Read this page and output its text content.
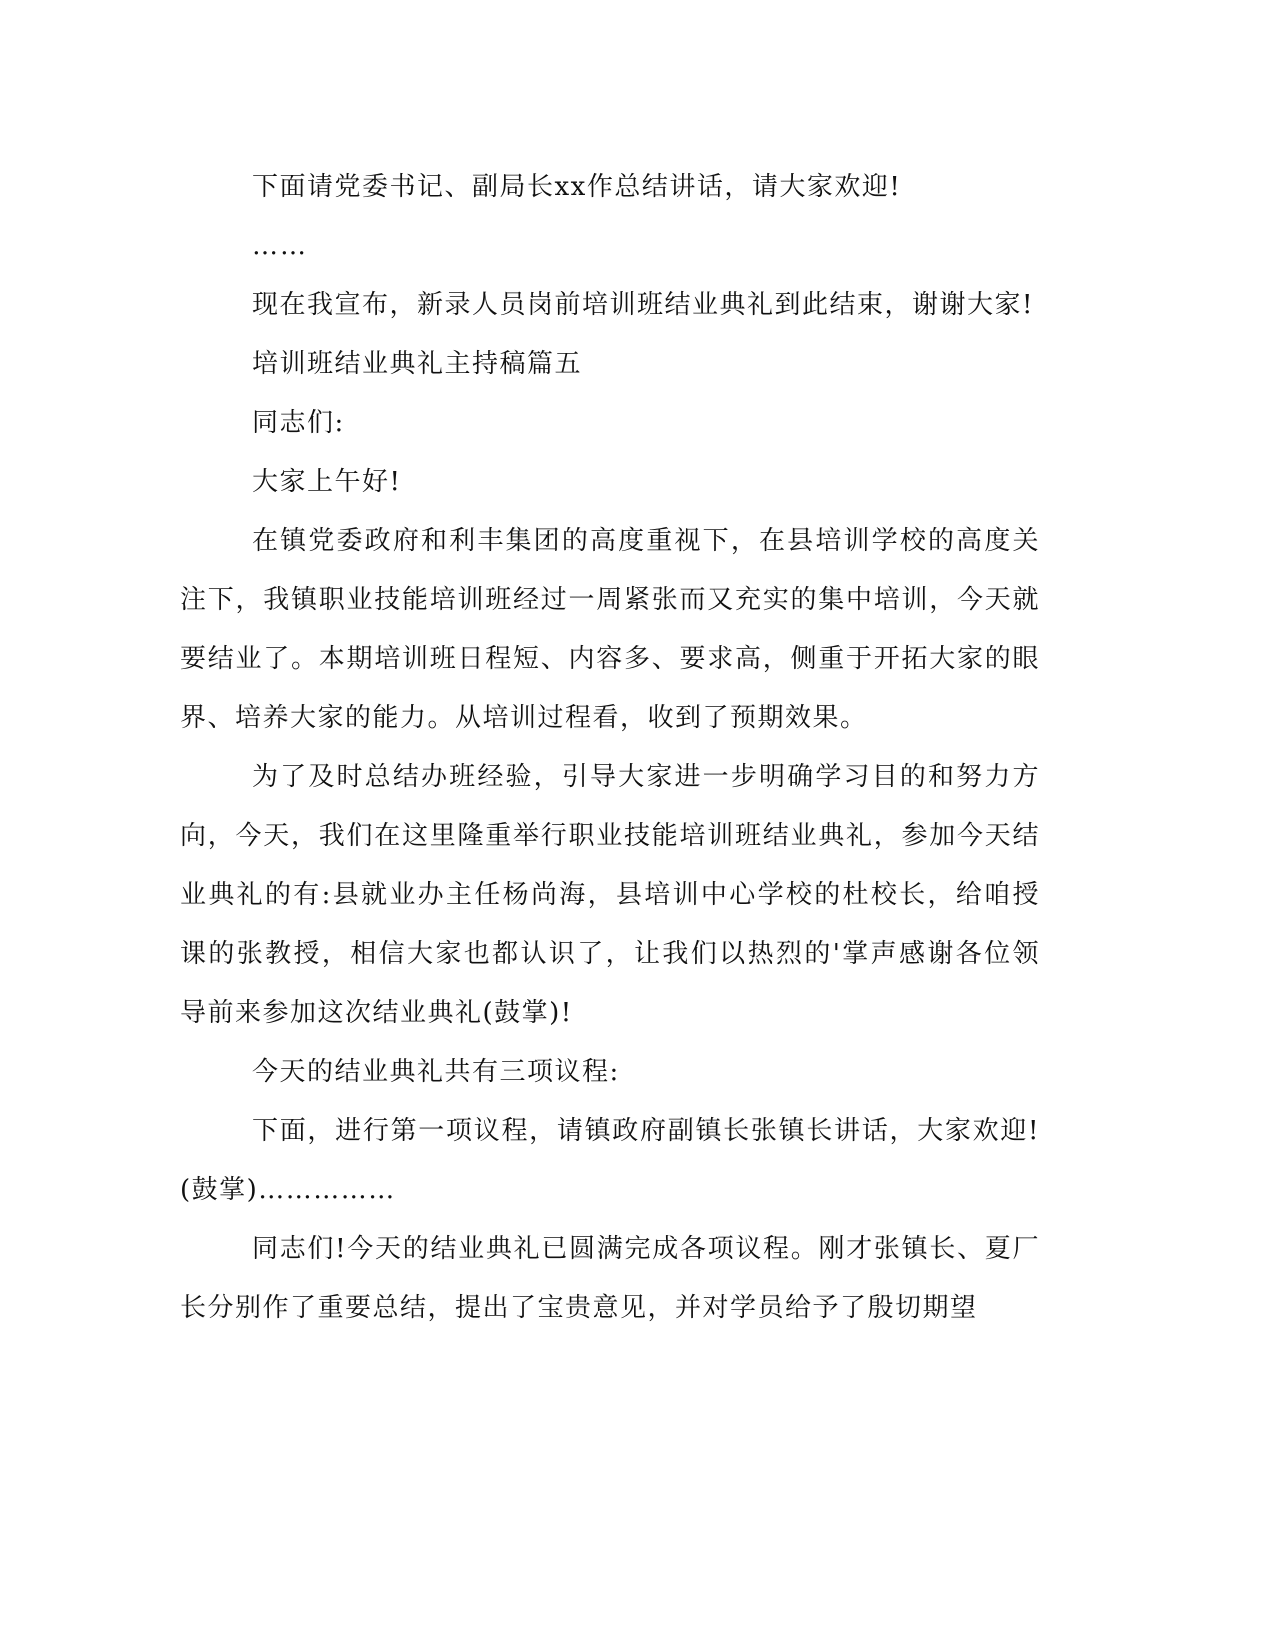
下面请党委书记、副局长xx作总结讲话，请大家欢迎!

……

现在我宣布，新录人员岗前培训班结业典礼到此结束，谢谢大家!

培训班结业典礼主持稿篇五

同志们:

大家上午好!

在镇党委政府和利丰集团的高度重视下，在县培训学校的高度关注下，我镇职业技能培训班经过一周紧张而又充实的集中培训，今天就要结业了。本期培训班日程短、内容多、要求高，侧重于开拓大家的眼界、培养大家的能力。从培训过程看，收到了预期效果。

为了及时总结办班经验，引导大家进一步明确学习目的和努力方向，今天，我们在这里隆重举行职业技能培训班结业典礼，参加今天结业典礼的有:县就业办主任杨尚海，县培训中心学校的杜校长，给咱授课的张教授，相信大家也都认识了，让我们以热烈的'掌声感谢各位领导前来参加这次结业典礼(鼓掌)!

今天的结业典礼共有三项议程:

下面，进行第一项议程，请镇政府副镇长张镇长讲话，大家欢迎!(鼓掌)……………

同志们!今天的结业典礼已圆满完成各项议程。刚才张镇长、夏厂长分别作了重要总结，提出了宝贵意见，并对学员给予了殷切期望
